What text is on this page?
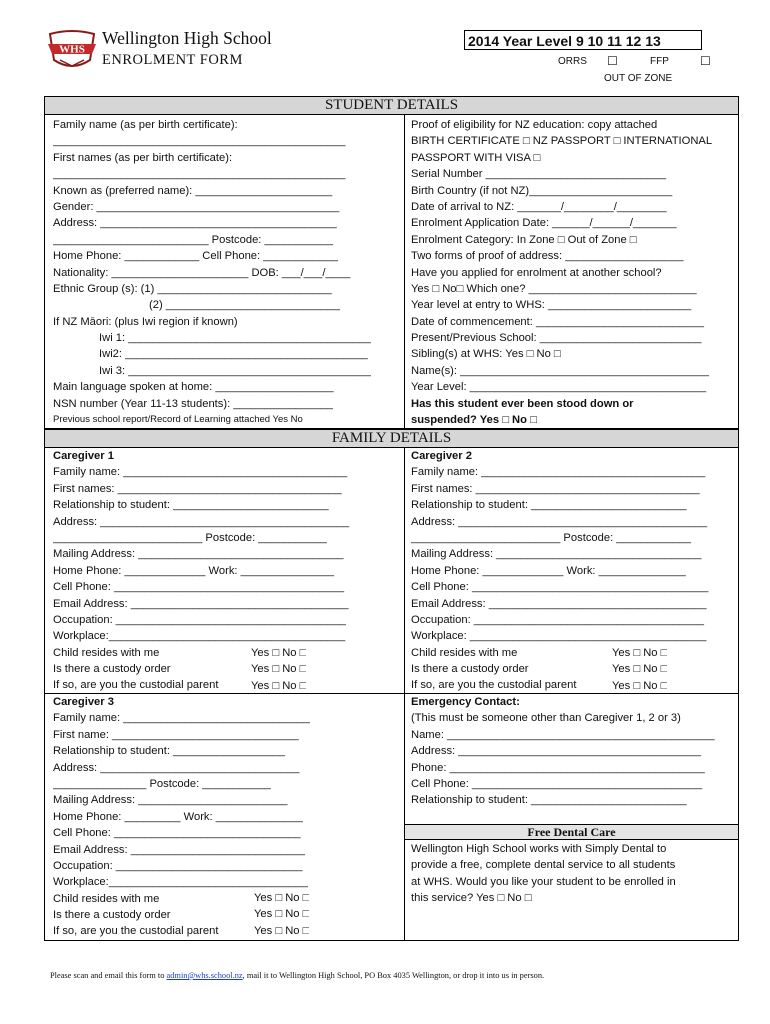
WHS
Wellington High School
ENROLMENT FORM
2014 Year Level 9 10 11 12 13
ORRS ☐	FFP	☐
OUT OF ZONE
STUDENT DETAILS
Family name (as per birth certificate):
_______________________________________________
First names (as per birth certificate):
_______________________________________________
Known as (preferred name): ______________________
Gender: _______________________________________
Address: ______________________________________
_________________________ Postcode: ___________
Home Phone: ____________ Cell Phone: ____________
Nationality: ______________________ DOB: ___/___/____
Ethnic Group (s): (1) ____________________________
(2) ____________________________
If NZ Māori: (plus Iwi region if known)
Iwi 1: _______________________________________
Iwi2: _______________________________________
Iwi 3: _______________________________________
Main language spoken at home: ___________________
NSN number (Year 11-13 students): ________________
Previous school report/Record of Learning attached Yes No
Proof of eligibility for NZ education: copy attached
BIRTH CERTIFICATE □ NZ PASSPORT □ INTERNATIONAL
PASSPORT WITH VISA □
Serial Number _____________________________
Birth Country (if not NZ)_______________________
Date of arrival to NZ: _______/________/________
Enrolment Application Date: ______/______/_______
Enrolment Category: In Zone □ Out of Zone □
Two forms of proof of address: ___________________
Have you applied for enrolment at another school?
Yes □ No□ Which one? ___________________________
Year level at entry to WHS: _______________________
Date of commencement: ___________________________
Present/Previous School: __________________________
Sibling(s) at WHS: Yes □ No □
Name(s): ________________________________________
Year Level: ______________________________________
Has this student ever been stood down or
suspended? Yes □ No □
FAMILY DETAILS
Caregiver 1
Family name: ____________________________________
First names: ____________________________________
Relationship to student: _________________________
Address: ________________________________________
________________________ Postcode: ___________
Mailing Address: _________________________________
Home Phone: _____________ Work: _______________
Cell Phone: _____________________________________
Email Address: ___________________________________
Occupation: _____________________________________
Workplace:______________________________________
Child resides with me
Is there a custody order
If so, are you the custodial parent
Yes □ No □
Yes □ No □
Yes □ No □
Caregiver 2
Family name: ____________________________________
First names: ____________________________________
Relationship to student: _________________________
Address: ________________________________________
________________________ Postcode: ____________
Mailing Address: _________________________________
Home Phone: _____________ Work: ______________
Cell Phone: ______________________________________
Email Address: ___________________________________
Occupation: _____________________________________
Workplace: ______________________________________
Child resides with me
Is there a custody order
If so, are you the custodial parent
Yes □ No □
Yes □ No □
Yes □ No □
Caregiver 3
Family name: ______________________________
First name: ______________________________
Relationship to student: __________________
Address: ________________________________
_______________ Postcode: ___________
Mailing Address: ________________________
Home Phone: _________ Work: ______________
Cell Phone: ______________________________
Email Address: ____________________________
Occupation: ______________________________
Workplace:________________________________
Child resides with me
Is there a custody order
If so, are you the custodial parent
Yes □ No □
Yes □ No □
Yes □ No □
Emergency Contact:
(This must be someone other than Caregiver 1, 2 or 3)
Name: ___________________________________________
Address: _______________________________________
Phone: _________________________________________
Cell Phone: _____________________________________
Relationship to student: _________________________
Free Dental Care
Wellington High School works with Simply Dental to
provide a free, complete dental service to all students
at WHS. Would you like your student to be enrolled in
this service? Yes □ No □
Please scan and email this form to admin@whs.school.nz, mail it to Wellington High School, PO Box 4035 Wellington, or drop it into us in person.
